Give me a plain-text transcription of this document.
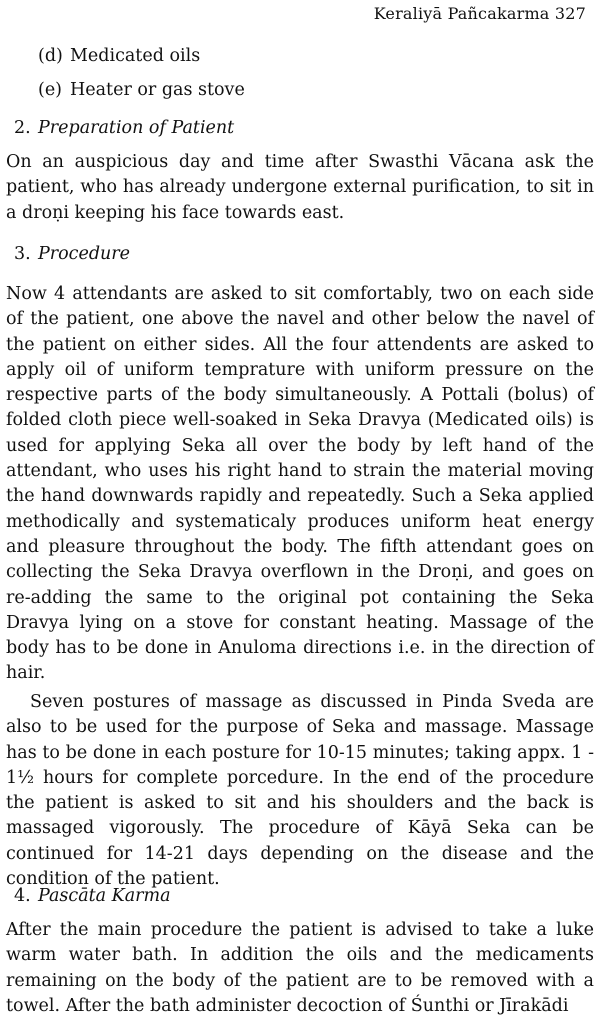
Keraliyā Pañcakarma 327
(d) Medicated oils
(e) Heater or gas stove
2. Preparation of Patient

On an auspicious day and time after Swasthi Vācana ask the patient, who has already undergone external purification, to sit in a droṇi keeping his face towards east.

3. Procedure

Now 4 attendants are asked to sit comfortably, two on each side of the patient, one above the navel and other below the navel of the patient on either sides. All the four attendents are asked to apply oil of uniform temprature with uniform pressure on the respective parts of the body simultaneously. A Pottali (bolus) of folded cloth piece well-soaked in Seka Dravya (Medicated oils) is used for applying Seka all over the body by left hand of the attendant, who uses his right hand to strain the material moving the hand downwards rapidly and repeatedly. Such a Seka applied methodically and systematicaly produces uniform heat energy and pleasure throughout the body. The fifth attendant goes on collecting the Seka Dravya overflown in the Droṇi, and goes on re-adding the same to the original pot containing the Seka Dravya lying on a stove for constant heating. Massage of the body has to be done in Anuloma directions i.e. in the direction of hair.

Seven postures of massage as discussed in Pinda Sveda are also to be used for the purpose of Seka and massage. Massage has to be done in each posture for 10-15 minutes; taking appx. 1 - 1½ hours for complete porcedure. In the end of the procedure the patient is asked to sit and his shoulders and the back is massaged vigorously. The procedure of Kāyā Seka can be continued for 14-21 days depending on the disease and the condition of the patient.

4. Pascāta Karma

After the main procedure the patient is advised to take a luke warm water bath. In addition the oils and the medicaments remaining on the body of the patient are to be removed with a towel. After the bath administer decoction of Śunthi or Jīrakādi
